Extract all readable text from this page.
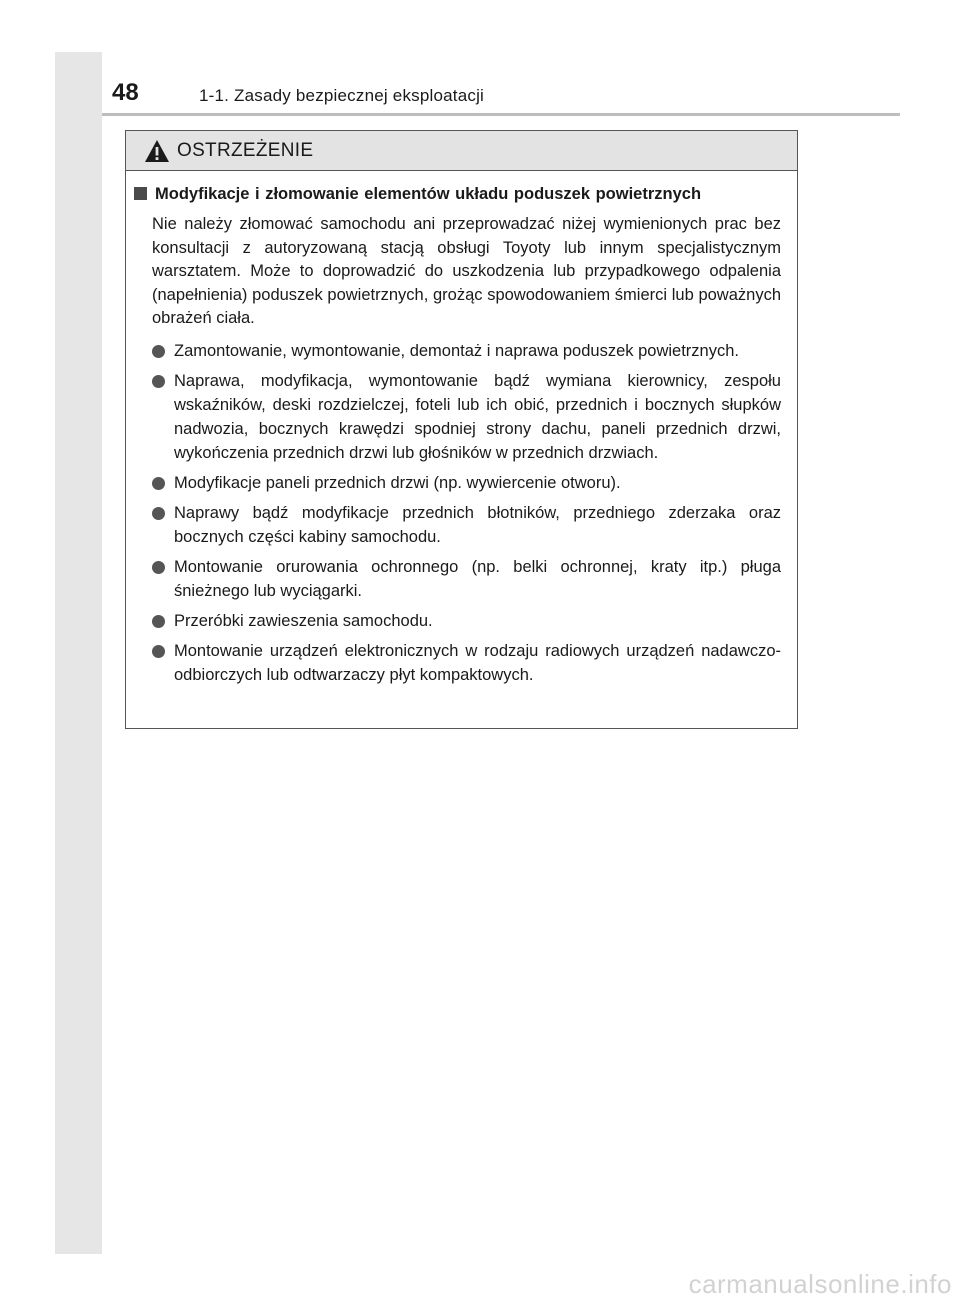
48	1-1. Zasady bezpiecznej eksploatacji
OSTRZEŻENIE
Modyfikacje i złomowanie elementów układu poduszek powietrznych

Nie należy złomować samochodu ani przeprowadzać niżej wymienionych prac bez konsultacji z autoryzowaną stacją obsługi Toyoty lub innym specjalistycznym warsztatem. Może to doprowadzić do uszkodzenia lub przypadkowego odpalenia (napełnienia) poduszek powietrznych, grożąc spowodowaniem śmierci lub poważnych obrażeń ciała.

Zamontowanie, wymontowanie, demontaż i naprawa poduszek powietrznych.
Naprawa, modyfikacja, wymontowanie bądź wymiana kierownicy, zespołu wskaźników, deski rozdzielczej, foteli lub ich obić, przednich i bocznych słupków nadwozia, bocznych krawędzi spodniej strony dachu, paneli przednich drzwi, wykończenia przednich drzwi lub głośników w przednich drzwiach.
Modyfikacje paneli przednich drzwi (np. wywiercenie otworu).
Naprawy bądź modyfikacje przednich błotników, przedniego zderzaka oraz bocznych części kabiny samochodu.
Montowanie orurowania ochronnego (np. belki ochronnej, kraty itp.) pługa śnieżnego lub wyciągarki.
Przeróbki zawieszenia samochodu.
Montowanie urządzeń elektronicznych w rodzaju radiowych urządzeń nadawczo-odbiorczych lub odtwarzaczy płyt kompaktowych.
carmanualsonline.info
